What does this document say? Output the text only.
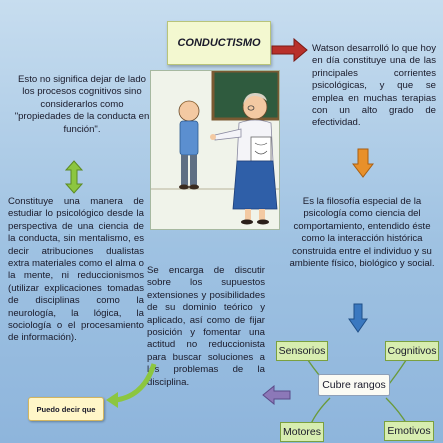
CONDUCTISMO
Esto no significa dejar de lado los procesos cognitivos sino considerarlos como "propiedades de la conducta en función".
Constituye una manera de estudiar lo psicológico desde la perspectiva de una ciencia de la conducta, sin mentalismo, es decir atribuciones dualistas extra materiales como el alma o la mente, ni reduccionismos (utilizar explicaciones tomadas de disciplinas como la neurología, la lógica, la sociología o el procesamiento de información).
Watson desarrolló lo que hoy en día constituye una de las principales corrientes psicológicas, y que se emplea en muchas terapias con un alto grado de efectividad.
Es la filosofía especial de la psicología como ciencia del comportamiento, entendido éste como la interacción histórica construida entre el individuo y su ambiente físico, biológico y social.
Se encarga de discutir sobre los supuestos extensiones y posibilidades de su dominio teórico y aplicado, así como de fijar posición y fomentar una actitud no reduccionista para buscar soluciones a los problemas de la disciplina.
Puedo decir que
Sensorios	Cognitivos
Cubre rangos
Motores	Emotivos
